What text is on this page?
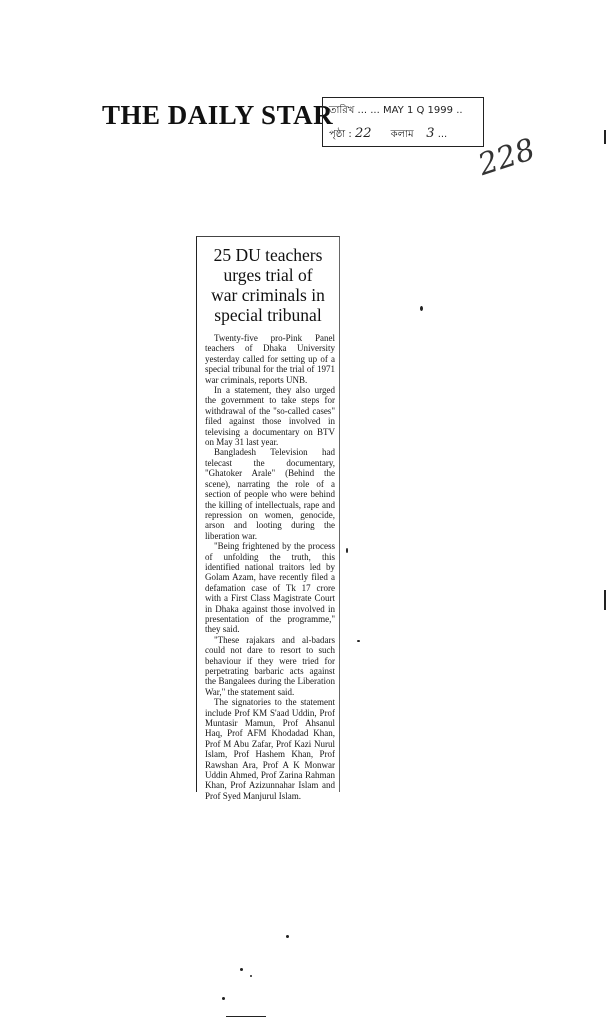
THE DAILY STAR
তারিখ ... ... MAY 1 Q 1999 ..
পৃষ্ঠা : 22 কলাম 3 ... 228
25 DU teachers
urges trial of
war criminals in
special tribunal

Twenty-five pro-Pink Panel teachers of Dhaka University yesterday called for setting up of a special tribunal for the trial of 1971 war criminals, reports UNB.

In a statement, they also urged the government to take steps for withdrawal of the "so-called cases" filed against those involved in televising a documentary on BTV on May 31 last year.

Bangladesh Television had telecast the documentary, "Ghatoker Arale" (Behind the scene), narrating the role of a section of people who were behind the killing of intellectuals, rape and repression on women, genocide, arson and looting during the liberation war.

"Being frightened by the process of unfolding the truth, this identified national traitors led by Golam Azam, have recently filed a defamation case of Tk 17 crore with a First Class Magistrate Court in Dhaka against those involved in presentation of the programme," they said.

"These rajakars and al-badars could not dare to resort to such behaviour if they were tried for perpetrating barbaric acts against the Bangalees during the Liberation War," the statement said.

The signatories to the statement include Prof KM S'aad Uddin, Prof Muntasir Mamun, Prof Ahsanul Haq, Prof AFM Khodadad Khan, Prof M Abu Zafar, Prof Kazi Nurul Islam, Prof Hashem Khan, Prof Rawshan Ara, Prof A K Monwar Uddin Ahmed, Prof Zarina Rahman Khan, Prof Azizunnahar Islam and Prof Syed Manjurul Islam.
